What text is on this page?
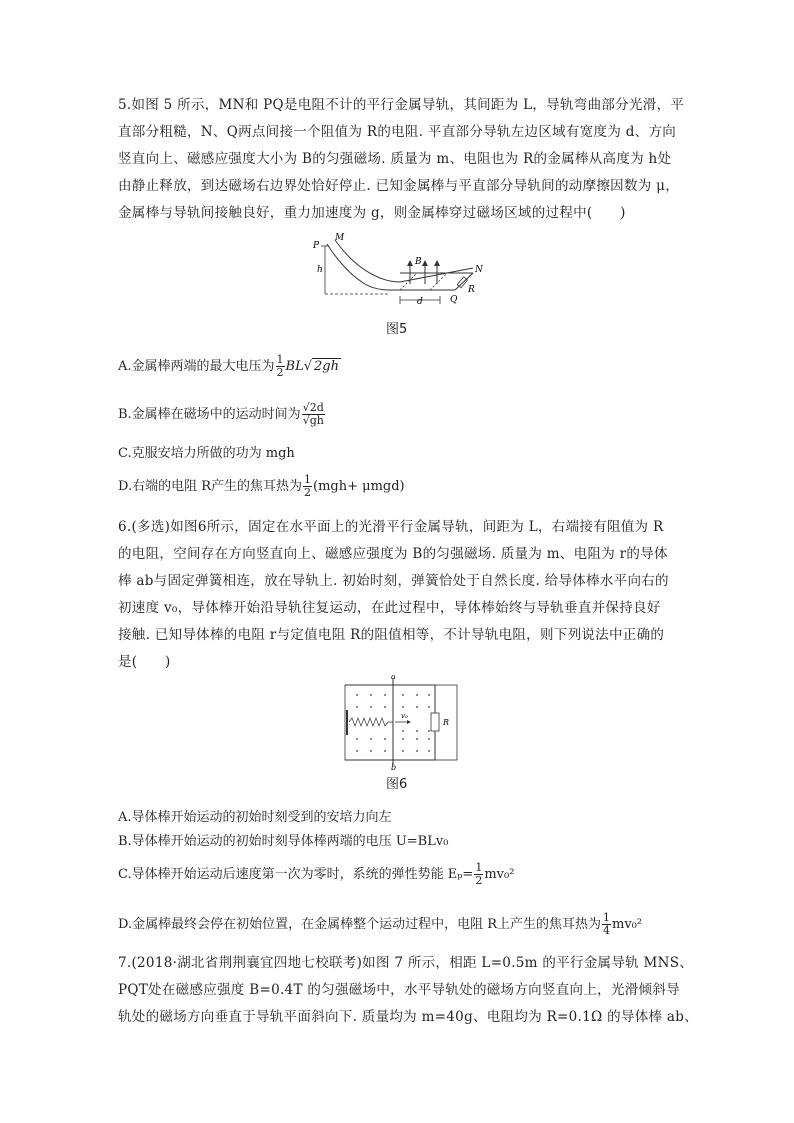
5.如图 5 所示，MN和 PQ是电阻不计的平行金属导轨，其间距为 L，导轨弯曲部分光滑，平
直部分粗糙，N、Q两点间接一个阻值为 R的电阻. 平直部分导轨左边区域有宽度为 d、方向
竖直向上、磁感应强度大小为 B的匀强磁场. 质量为 m、电阻也为 R的金属棒从高度为 h处
由静止释放，到达磁场右边界处恰好停止. 已知金属棒与平直部分导轨间的动摩擦因数为 μ，
金属棒与导轨间接触良好，重力加速度为 g，则金属棒穿过磁场区域的过程中(　　)
P
M
h
B
N
d	Q
R
图5
A.金属棒两端的最大电压为 $\frac{1}{2} BL√$ 2gh
B.金属棒在磁场中的运动时间为 $\frac{√2d}{√gh}$
C.克服安培力所做的功为 mgh
D.右端的电阻 R产生的焦耳热为 $\frac{1}{2} (mgh+ \mu mgd)$
6.(多选)如图6所示，固定在水平面上的光滑平行金属导轨，间距为 L，右端接有阻值为 R
的电阻，空间存在方向竖直向上、磁感应强度为 B的匀强磁场. 质量为 m、电阻为 r的导体
棒 ab与固定弹簧相连，放在导轨上. 初始时刻，弹簧恰处于自然长度. 给导体棒水平向右的
初速度 v₀，导体棒开始沿导轨往复运动，在此过程中，导体棒始终与导轨垂直并保持良好
接触. 已知导体棒的电阻 r与定值电阻 R的阻值相等，不计导轨电阻，则下列说法中正确的
是(　　)
a
b
v₀
R
图6
A.导体棒开始运动的初始时刻受到的安培力向左
B.导体棒开始运动的初始时刻导体棒两端的电压 U=BLv₀
C.导体棒开始运动后速度第一次为零时，系统的弹性势能 $E_p= \frac{1}{2} mv_0^2$
D.金属棒最终会停在初始位置，在金属棒整个运动过程中，电阻 R上产生的焦耳热为 $\frac{1}{4} mv_0^2$
7.(2018·湖北省荆荆襄宜四地七校联考)如图 7 所示，相距 L=0.5m 的平行金属导轨 MNS、
PQT处在磁感应强度 B=0.4T 的匀强磁场中，水平导轨处的磁场方向竖直向上，光滑倾斜导
轨处的磁场方向垂直于导轨平面斜向下. 质量均为 m=40g、电阻均为 R=0.1Ω 的导体棒 ab、
